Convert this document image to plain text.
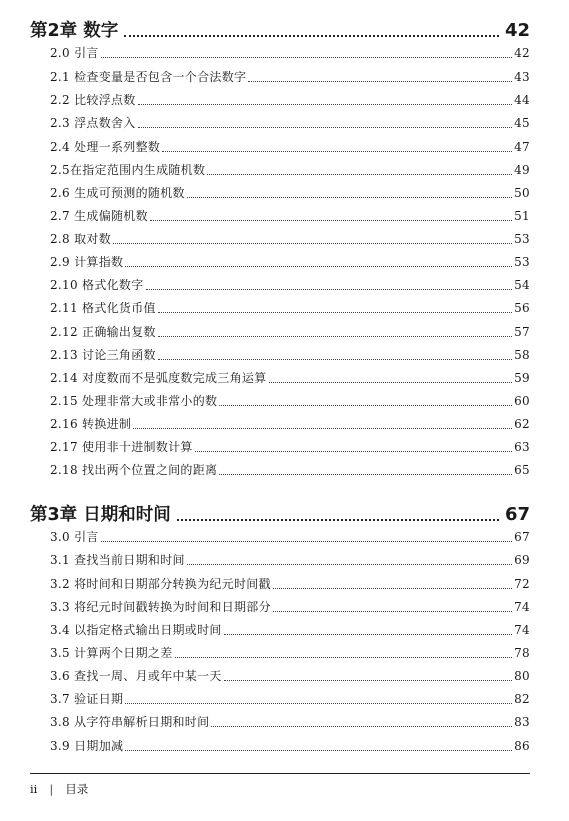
第2章 数字	42
2.0 引言	42
2.1 检查变量是否包含一个合法数字	43
2.2 比较浮点数	44
2.3 浮点数舍入	45
2.4 处理一系列整数	47
2.5在指定范围内生成随机数	49
2.6 生成可预测的随机数	50
2.7 生成偏随机数	51
2.8 取对数	53
2.9 计算指数	53
2.10 格式化数字	54
2.11 格式化货币值	56
2.12 正确输出复数	57
2.13 讨论三角函数	58
2.14 对度数而不是弧度数完成三角运算	59
2.15 处理非常大或非常小的数	60
2.16 转换进制	62
2.17 使用非十进制数计算	63
2.18 找出两个位置之间的距离	65
第3章 日期和时间	67
3.0 引言	67
3.1 查找当前日期和时间	69
3.2 将时间和日期部分转换为纪元时间戳	72
3.3 将纪元时间戳转换为时间和日期部分	74
3.4 以指定格式输出日期或时间	74
3.5 计算两个日期之差	78
3.6 查找一周、月或年中某一天	80
3.7 验证日期	82
3.8 从字符串解析日期和时间	83
3.9 日期加减	86
ii | 目录
